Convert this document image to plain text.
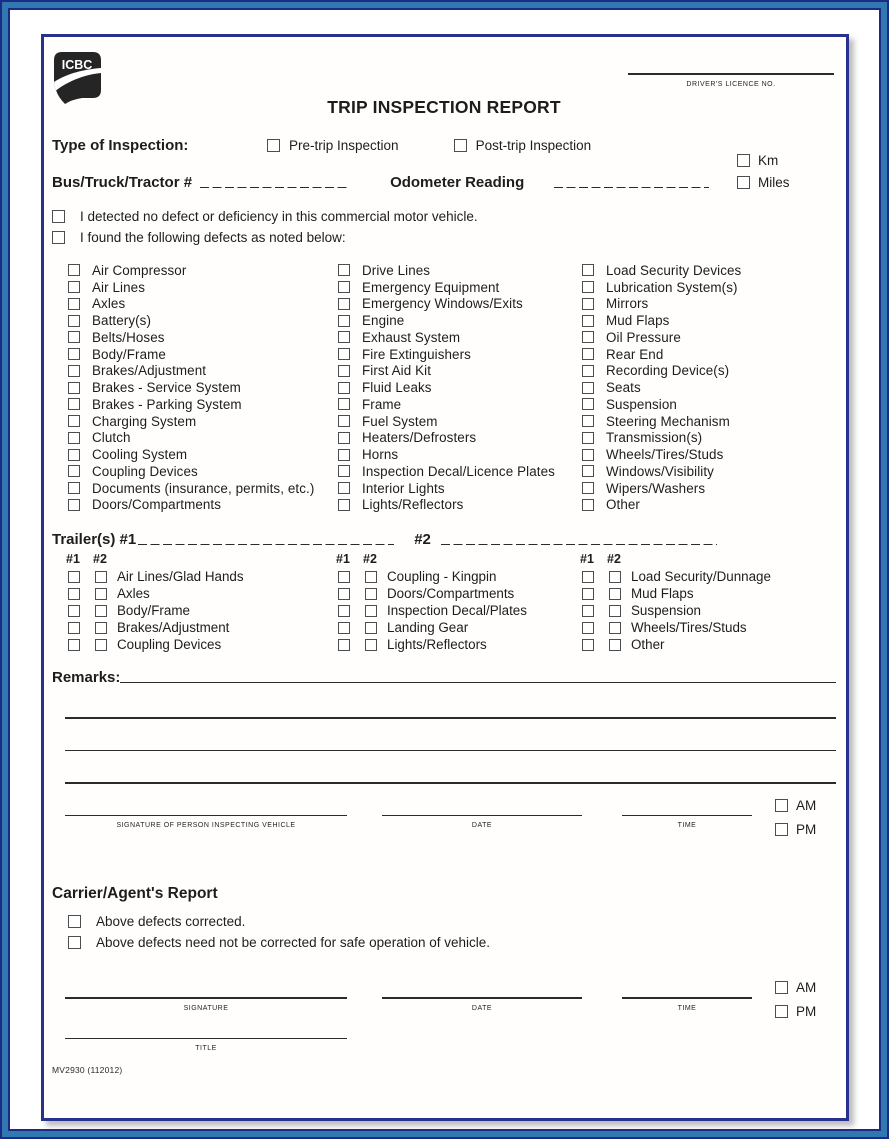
ICBC
DRIVER'S LICENCE NO.
TRIP INSPECTION REPORT
Type of Inspection:	Pre-trip Inspection	Post-trip Inspection
Bus/Truck/Tractor #	Odometer Reading
Km
Miles
I detected no defect or deficiency in this commercial motor vehicle.
I found the following defects as noted below:
Air Compressor
Air Lines
Axles
Battery(s)
Belts/Hoses
Body/Frame
Brakes/Adjustment
Brakes - Service System
Brakes - Parking System
Charging System
Clutch
Cooling System
Coupling Devices
Documents (insurance, permits, etc.)
Doors/Compartments
Drive Lines
Emergency Equipment
Emergency Windows/Exits
Engine
Exhaust System
Fire Extinguishers
First Aid Kit
Fluid Leaks
Frame
Fuel System
Heaters/Defrosters
Horns
Inspection Decal/Licence Plates
Interior Lights
Lights/Reflectors
Load Security Devices
Lubrication System(s)
Mirrors
Mud Flaps
Oil Pressure
Rear End
Recording Device(s)
Seats
Suspension
Steering Mechanism
Transmission(s)
Wheels/Tires/Studs
Windows/Visibility
Wipers/Washers
Other
Trailer(s) #1	#2
#1	#2
Air Lines/Glad Hands
Axles
Body/Frame
Brakes/Adjustment
Coupling Devices
#1	#2
Coupling - Kingpin
Doors/Compartments
Inspection Decal/Plates
Landing Gear
Lights/Reflectors
#1	#2
Load Security/Dunnage
Mud Flaps
Suspension
Wheels/Tires/Studs
Other
Remarks:
SIGNATURE OF PERSON INSPECTING VEHICLE	DATE	TIME
AM
PM
Carrier/Agent's Report
Above defects corrected.
Above defects need not be corrected for safe operation of vehicle.
SIGNATURE	DATE	TIME
AM
PM
TITLE
MV2930 (112012)
